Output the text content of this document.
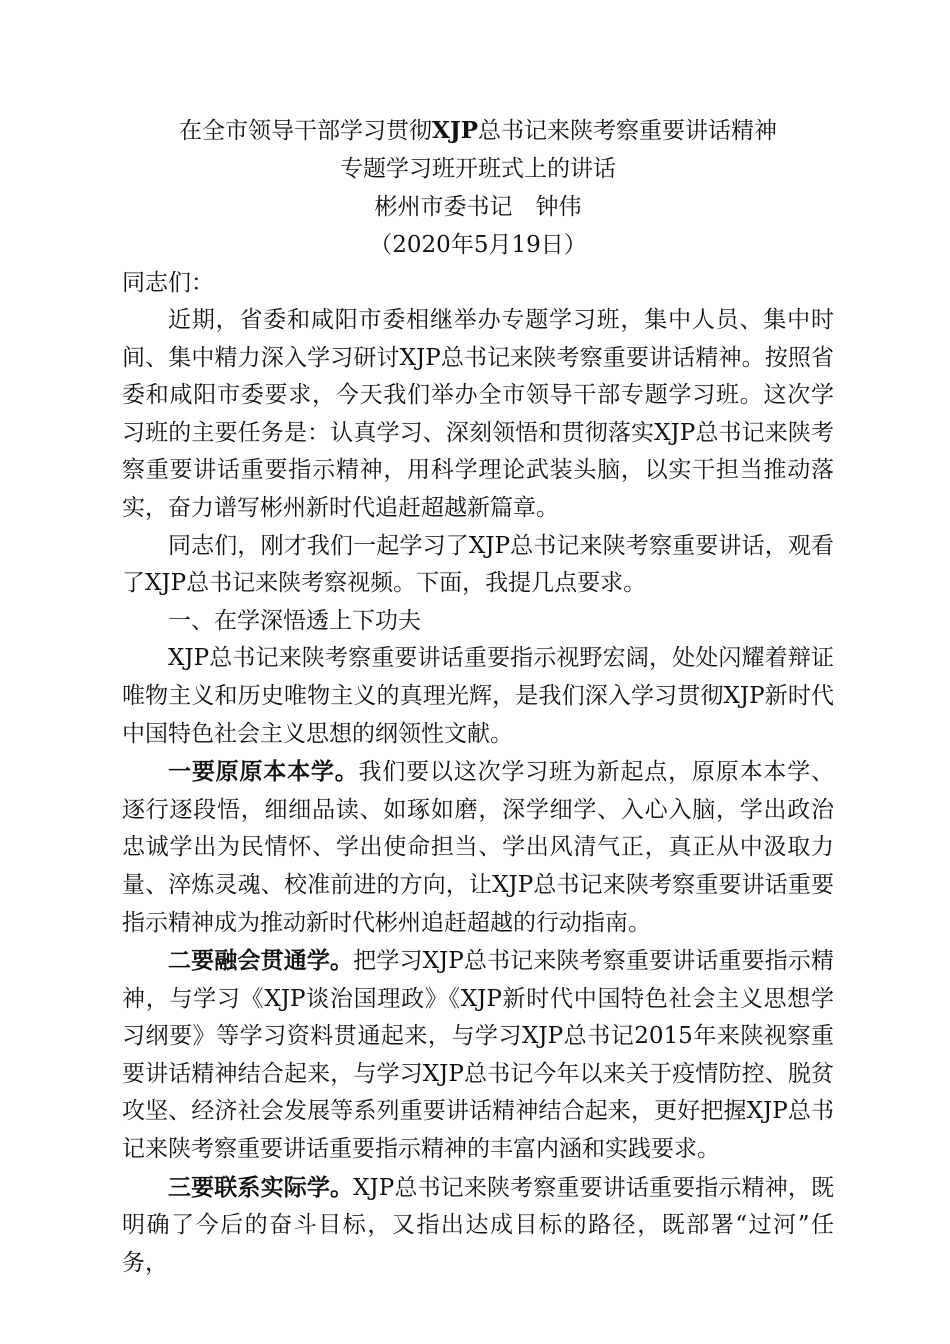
在全市领导干部学习贯彻XJP总书记来陕考察重要讲话精神

专题学习班开班式上的讲话

彬州市委书记　钟伟

（2020年5月19日）

同志们：

近期，省委和咸阳市委相继举办专题学习班，集中人员、集中时间、集中精力深入学习研讨XJP总书记来陕考察重要讲话精神。按照省委和咸阳市委要求，今天我们举办全市领导干部专题学习班。这次学习班的主要任务是：认真学习、深刻领悟和贯彻落实XJP总书记来陕考察重要讲话重要指示精神，用科学理论武装头脑，以实干担当推动落实，奋力谱写彬州新时代追赶超越新篇章。

同志们，刚才我们一起学习了XJP总书记来陕考察重要讲话，观看了XJP总书记来陕考察视频。下面，我提几点要求。

一、在学深悟透上下功夫

XJP总书记来陕考察重要讲话重要指示视野宏阔，处处闪耀着辩证唯物主义和历史唯物主义的真理光辉，是我们深入学习贯彻XJP新时代中国特色社会主义思想的纲领性文献。

一要原原本本学。我们要以这次学习班为新起点，原原本本学、逐行逐段悟，细细品读、如琢如磨，深学细学、入心入脑，学出政治忠诚学出为民情怀、学出使命担当、学出风清气正，真正从中汲取力量、淬炼灵魂、校准前进的方向，让XJP总书记来陕考察重要讲话重要指示精神成为推动新时代彬州追赶超越的行动指南。

二要融会贯通学。把学习XJP总书记来陕考察重要讲话重要指示精神，与学习《XJP谈治国理政》《XJP新时代中国特色社会主义思想学习纲要》等学习资料贯通起来，与学习XJP总书记2015年来陕视察重要讲话精神结合起来，与学习XJP总书记今年以来关于疫情防控、脱贫攻坚、经济社会发展等系列重要讲话精神结合起来，更好把握XJP总书记来陕考察重要讲话重要指示精神的丰富内涵和实践要求。

三要联系实际学。XJP总书记来陕考察重要讲话重要指示精神，既明确了今后的奋斗目标，又指出达成目标的路径，既部署“过河”任务，
